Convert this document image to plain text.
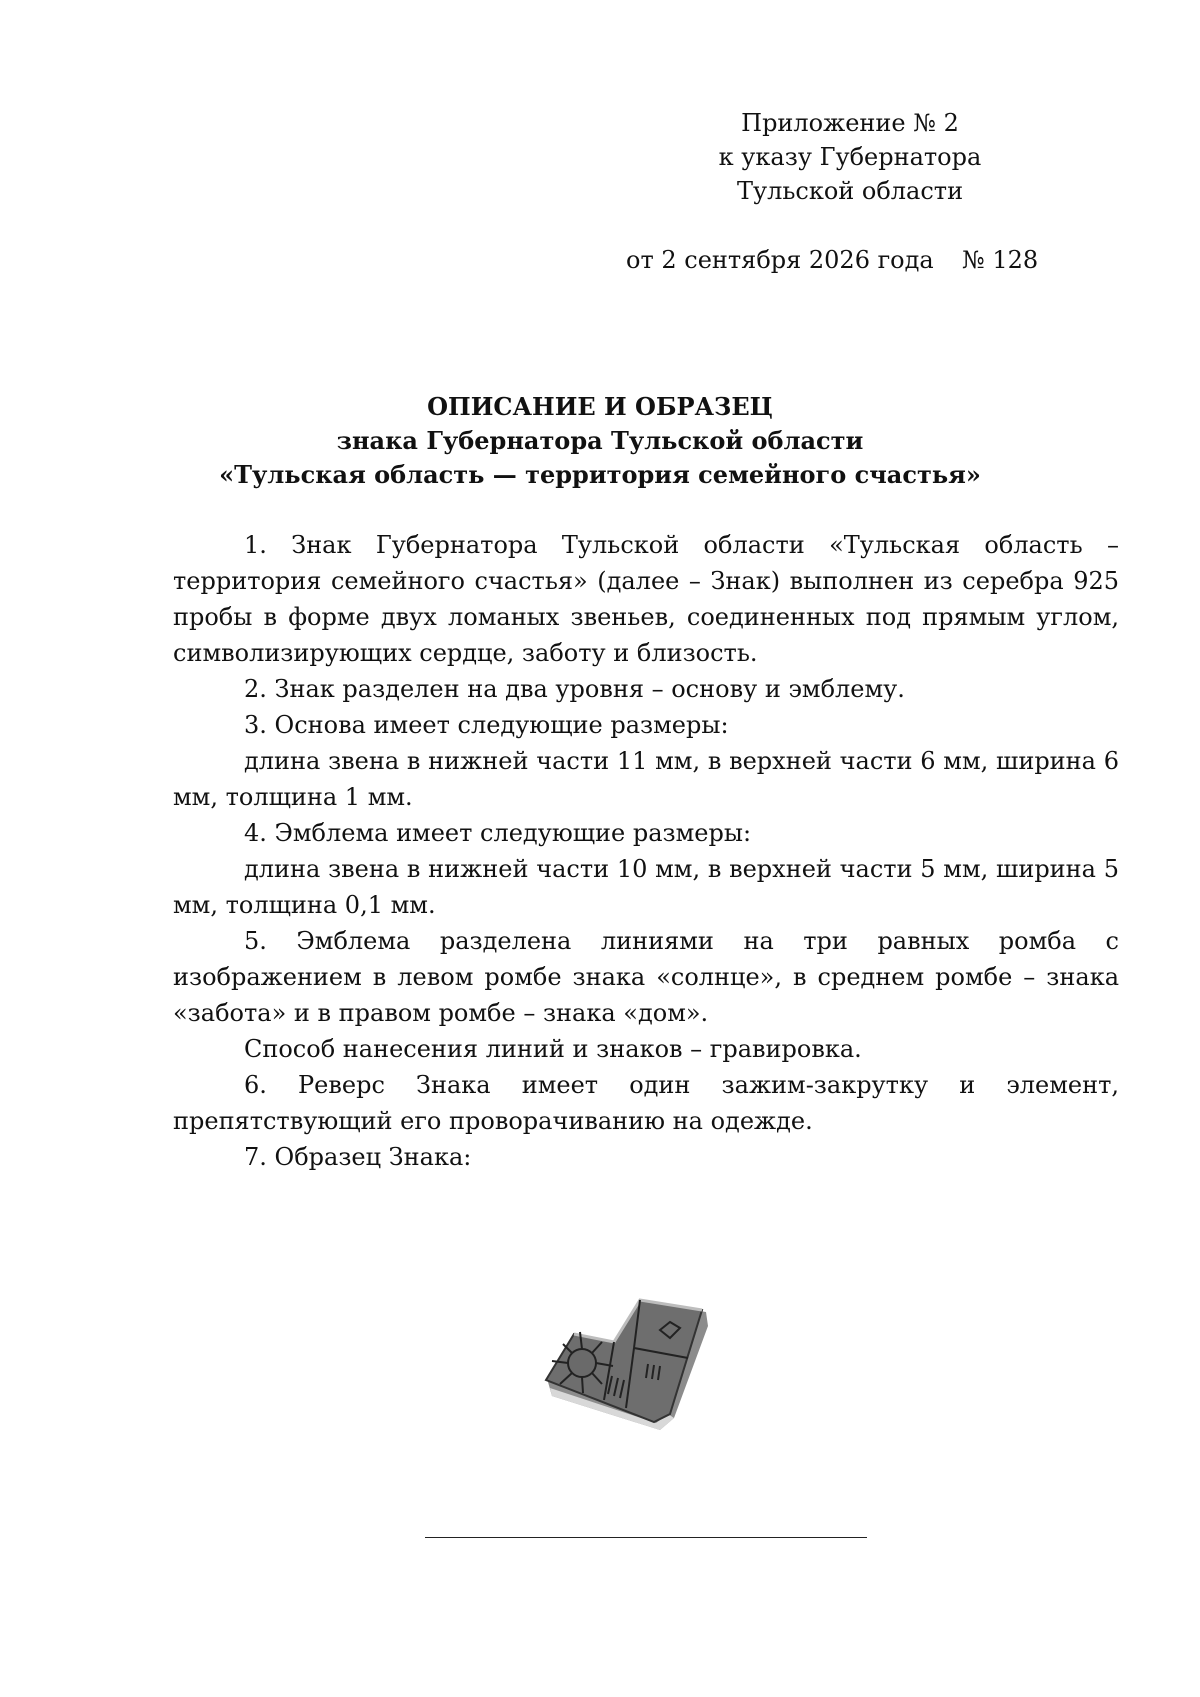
Приложение № 2
к указу Губернатора
Тульской области
от 2 сентября 2026 года № 128
ОПИСАНИЕ И ОБРАЗЕЦ
знака Губернатора Тульской области
«Тульская область — территория семейного счастья»

1. Знак Губернатора Тульской области «Тульская область – территория семейного счастья» (далее – Знак) выполнен из серебра 925 пробы в форме двух ломаных звеньев, соединенных под прямым углом, символизирующих сердце, заботу и близость.

2. Знак разделен на два уровня – основу и эмблему.

3. Основа имеет следующие размеры:

длина звена в нижней части 11 мм, в верхней части 6 мм, ширина 6 мм, толщина 1 мм.

4. Эмблема имеет следующие размеры:

длина звена в нижней части 10 мм, в верхней части 5 мм, ширина 5 мм, толщина 0,1 мм.

5. Эмблема разделена линиями на три равных ромба с изображением в левом ромбе знака «солнце», в среднем ромбе – знака «забота» и в правом ромбе – знака «дом».

Способ нанесения линий и знаков – гравировка.

6. Реверс Знака имеет один зажим-закрутку и элемент, препятствующий его проворачиванию на одежде.

7. Образец Знака:
